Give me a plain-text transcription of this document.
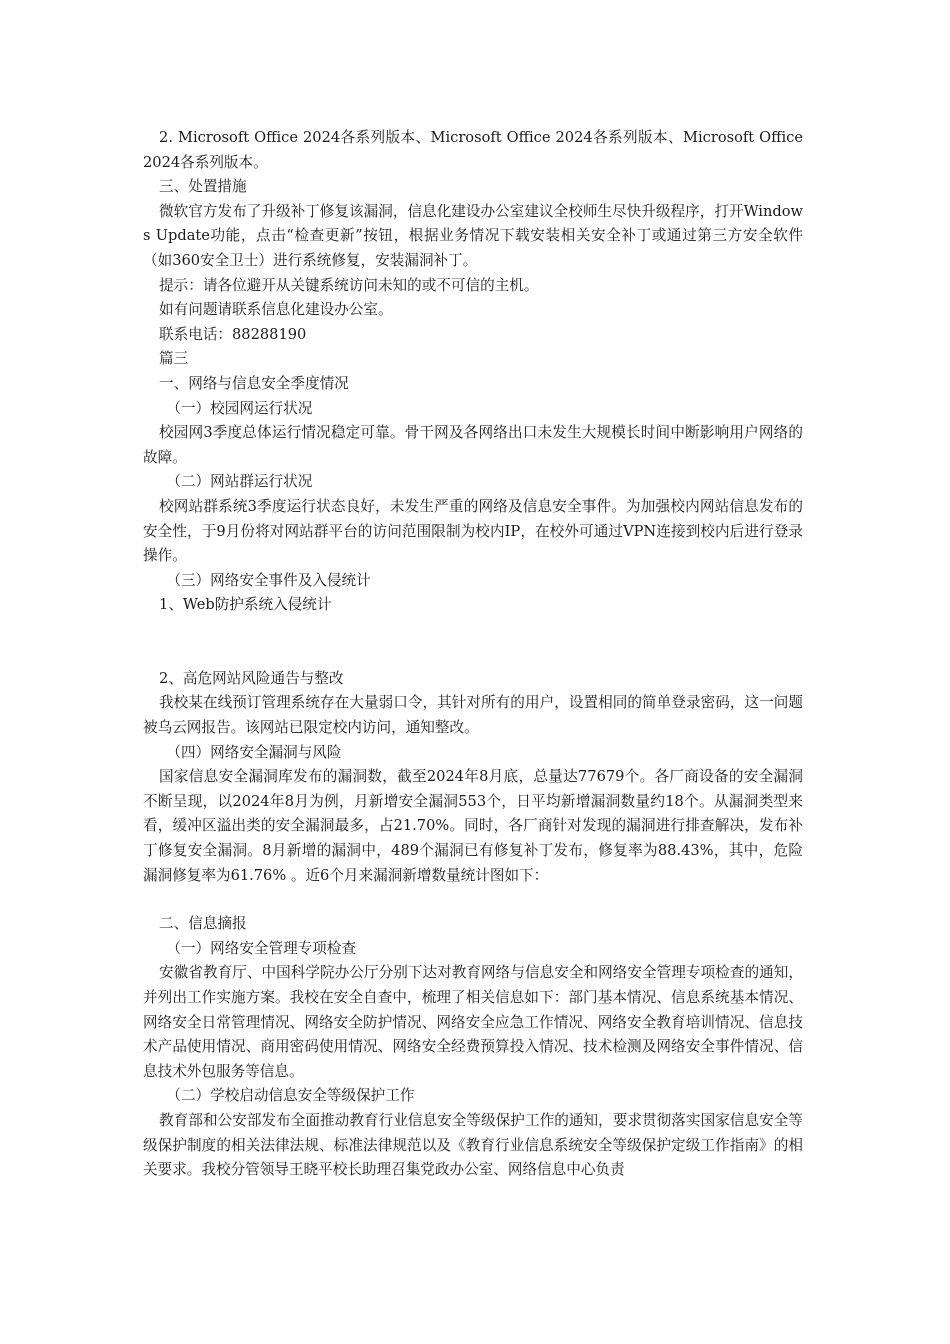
2. Microsoft Office 2024各系列版本、Microsoft Office 2024各系列版本、Microsoft Office 2024各系列版本。

三、处置措施

微软官方发布了升级补丁修复该漏洞，信息化建设办公室建议全校师生尽快升级程序，打开Windows Update功能，点击“检查更新”按钮，根据业务情况下载安装相关安全补丁或通过第三方安全软件（如360安全卫士）进行系统修复，安装漏洞补丁。

提示：请各位避开从关键系统访问未知的或不可信的主机。

如有问题请联系信息化建设办公室。

联系电话：88288190

篇三

一、网络与信息安全季度情况

（一）校园网运行状况

校园网3季度总体运行情况稳定可靠。骨干网及各网络出口未发生大规模长时间中断影响用户网络的故障。

（二）网站群运行状况

校网站群系统3季度运行状态良好，未发生严重的网络及信息安全事件。为加强校内网站信息发布的安全性，于9月份将对网站群平台的访问范围限制为校内IP，在校外可通过VPN连接到校内后进行登录操作。

（三）网络安全事件及入侵统计

1、Web防护系统入侵统计

2、高危网站风险通告与整改

我校某在线预订管理系统存在大量弱口令，其针对所有的用户，设置相同的简单登录密码，这一问题被乌云网报告。该网站已限定校内访问，通知整改。

（四）网络安全漏洞与风险

国家信息安全漏洞库发布的漏洞数，截至2024年8月底，总量达77679个。各厂商设备的安全漏洞不断呈现，以2024年8月为例，月新增安全漏洞553个，日平均新增漏洞数量约18个。从漏洞类型来看，缓冲区溢出类的安全漏洞最多，占21.70%。同时，各厂商针对发现的漏洞进行排查解决，发布补丁修复安全漏洞。8月新增的漏洞中，489个漏洞已有修复补丁发布，修复率为88.43%，其中，危险漏洞修复率为61.76% 。近6个月来漏洞新增数量统计图如下：

二、信息摘报

（一）网络安全管理专项检查

安徽省教育厅、中国科学院办公厅分别下达对教育网络与信息安全和网络安全管理专项检查的通知，并列出工作实施方案。我校在安全自查中，梳理了相关信息如下：部门基本情况、信息系统基本情况、网络安全日常管理情况、网络安全防护情况、网络安全应急工作情况、网络安全教育培训情况、信息技术产品使用情况、商用密码使用情况、网络安全经费预算投入情况、技术检测及网络安全事件情况、信息技术外包服务等信息。

（二）学校启动信息安全等级保护工作

教育部和公安部发布全面推动教育行业信息安全等级保护工作的通知，要求贯彻落实国家信息安全等级保护制度的相关法律法规、标准法律规范以及《教育行业信息系统安全等级保护定级工作指南》的相关要求。我校分管领导王晓平校长助理召集党政办公室、网络信息中心负责
